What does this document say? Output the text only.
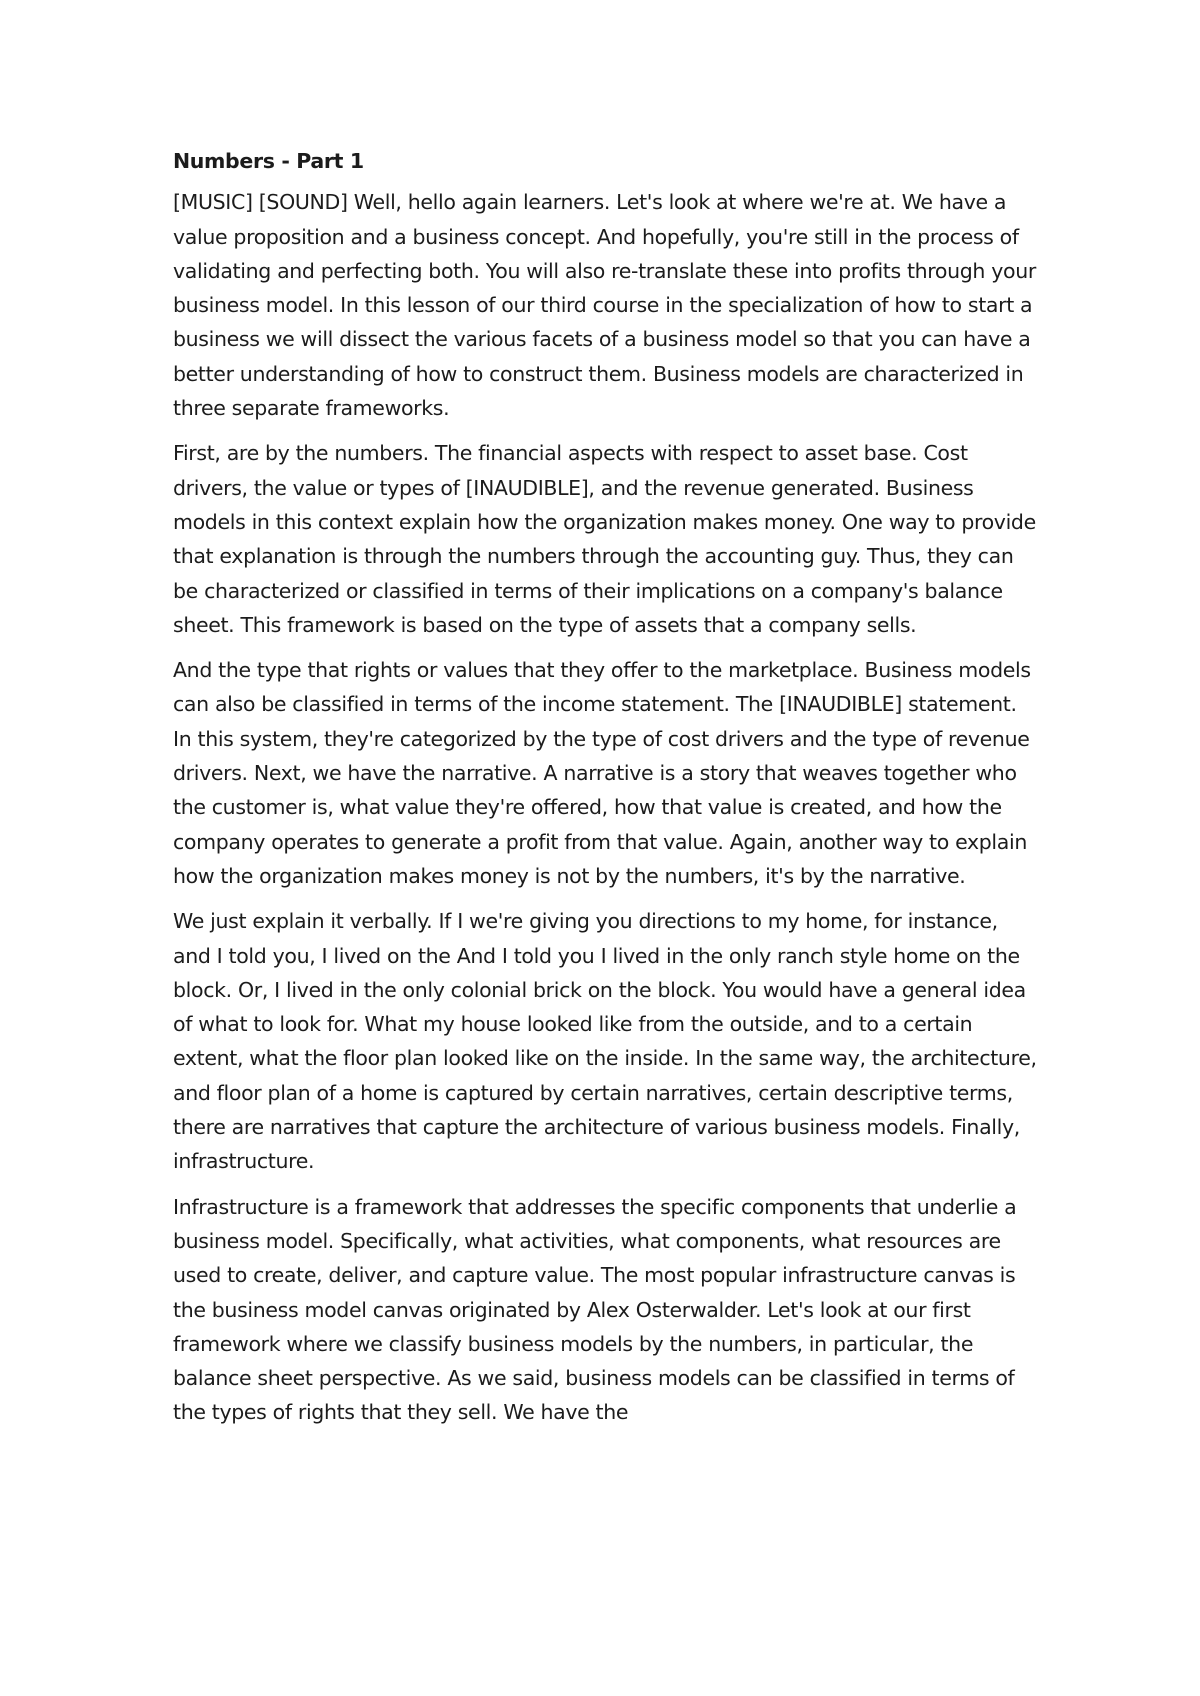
Numbers - Part 1

[MUSIC] [SOUND] Well, hello again learners. Let's look at where we're at. We have a value proposition and a business concept. And hopefully, you're still in the process of validating and perfecting both. You will also re-translate these into profits through your business model. In this lesson of our third course in the specialization of how to start a business we will dissect the various facets of a business model so that you can have a better understanding of how to construct them. Business models are characterized in three separate frameworks.

First, are by the numbers. The financial aspects with respect to asset base. Cost drivers, the value or types of [INAUDIBLE], and the revenue generated. Business models in this context explain how the organization makes money. One way to provide that explanation is through the numbers through the accounting guy. Thus, they can be characterized or classified in terms of their implications on a company's balance sheet. This framework is based on the type of assets that a company sells.

And the type that rights or values that they offer to the marketplace. Business models can also be classified in terms of the income statement. The [INAUDIBLE] statement. In this system, they're categorized by the type of cost drivers and the type of revenue drivers. Next, we have the narrative. A narrative is a story that weaves together who the customer is, what value they're offered, how that value is created, and how the company operates to generate a profit from that value. Again, another way to explain how the organization makes money is not by the numbers, it's by the narrative.

We just explain it verbally. If I we're giving you directions to my home, for instance, and I told you, I lived on the And I told you I lived in the only ranch style home on the block. Or, I lived in the only colonial brick on the block. You would have a general idea of what to look for. What my house looked like from the outside, and to a certain extent, what the floor plan looked like on the inside. In the same way, the architecture, and floor plan of a home is captured by certain narratives, certain descriptive terms, there are narratives that capture the architecture of various business models. Finally, infrastructure.

Infrastructure is a framework that addresses the specific components that underlie a business model. Specifically, what activities, what components, what resources are used to create, deliver, and capture value. The most popular infrastructure canvas is the business model canvas originated by Alex Osterwalder. Let's look at our first framework where we classify business models by the numbers, in particular, the balance sheet perspective. As we said, business models can be classified in terms of the types of rights that they sell. We have the
